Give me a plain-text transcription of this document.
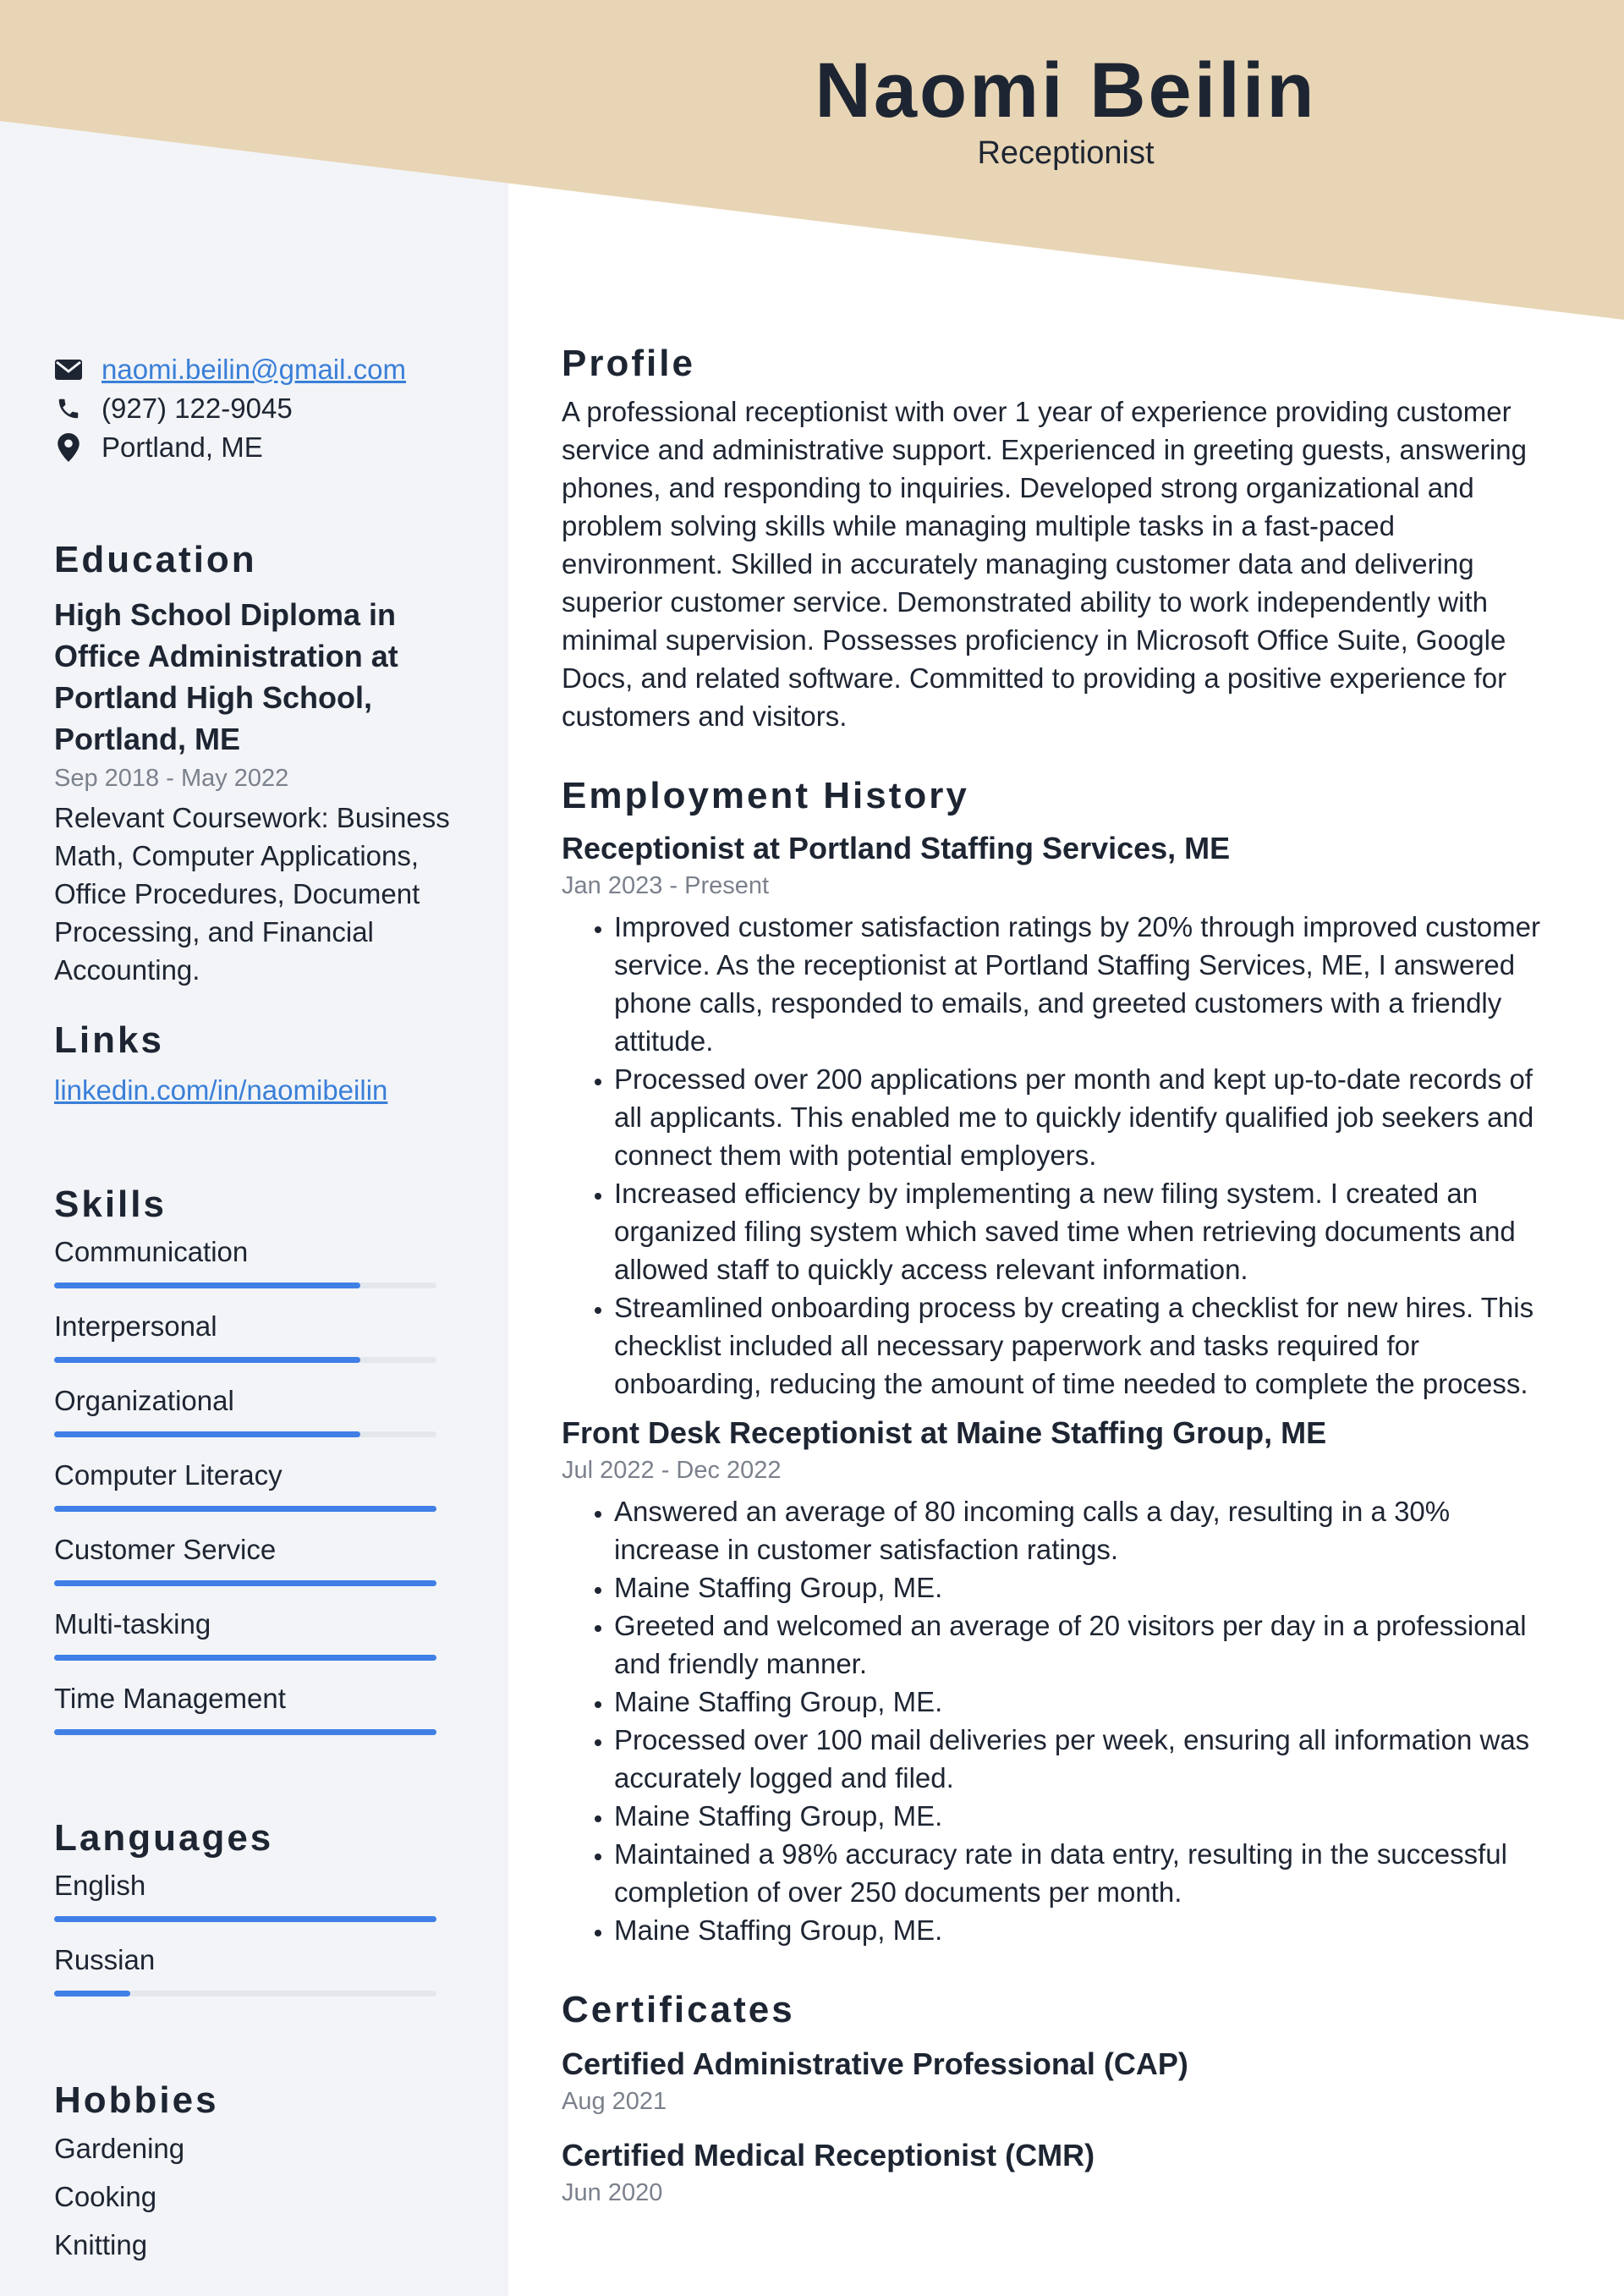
Naomi Beilin
Receptionist
naomi.beilin@gmail.com
(927) 122-9045
Portland, ME
Education
High School Diploma in Office Administration at Portland High School, Portland, ME
Sep 2018 - May 2022
Relevant Coursework: Business Math, Computer Applications, Office Procedures, Document Processing, and Financial Accounting.
Links
linkedin.com/in/naomibeilin
Skills
Communication
Interpersonal
Organizational
Computer Literacy
Customer Service
Multi-tasking
Time Management
Languages
English
Russian
Hobbies
Gardening
Cooking
Knitting
Profile
A professional receptionist with over 1 year of experience providing customer service and administrative support. Experienced in greeting guests, answering phones, and responding to inquiries. Developed strong organizational and problem solving skills while managing multiple tasks in a fast-paced environment. Skilled in accurately managing customer data and delivering superior customer service. Demonstrated ability to work independently with minimal supervision. Possesses proficiency in Microsoft Office Suite, Google Docs, and related software. Committed to providing a positive experience for customers and visitors.
Employment History
Receptionist at Portland Staffing Services, ME
Jan 2023 - Present
• Improved customer satisfaction ratings by 20% through improved customer service. As the receptionist at Portland Staffing Services, ME, I answered phone calls, responded to emails, and greeted customers with a friendly attitude.
• Processed over 200 applications per month and kept up-to-date records of all applicants. This enabled me to quickly identify qualified job seekers and connect them with potential employers.
• Increased efficiency by implementing a new filing system. I created an organized filing system which saved time when retrieving documents and allowed staff to quickly access relevant information.
• Streamlined onboarding process by creating a checklist for new hires. This checklist included all necessary paperwork and tasks required for onboarding, reducing the amount of time needed to complete the process.
Front Desk Receptionist at Maine Staffing Group, ME
Jul 2022 - Dec 2022
• Answered an average of 80 incoming calls a day, resulting in a 30% increase in customer satisfaction ratings.
• Maine Staffing Group, ME.
• Greeted and welcomed an average of 20 visitors per day in a professional and friendly manner.
• Maine Staffing Group, ME.
• Processed over 100 mail deliveries per week, ensuring all information was accurately logged and filed.
• Maine Staffing Group, ME.
• Maintained a 98% accuracy rate in data entry, resulting in the successful completion of over 250 documents per month.
• Maine Staffing Group, ME.
Certificates
Certified Administrative Professional (CAP)
Aug 2021
Certified Medical Receptionist (CMR)
Jun 2020
